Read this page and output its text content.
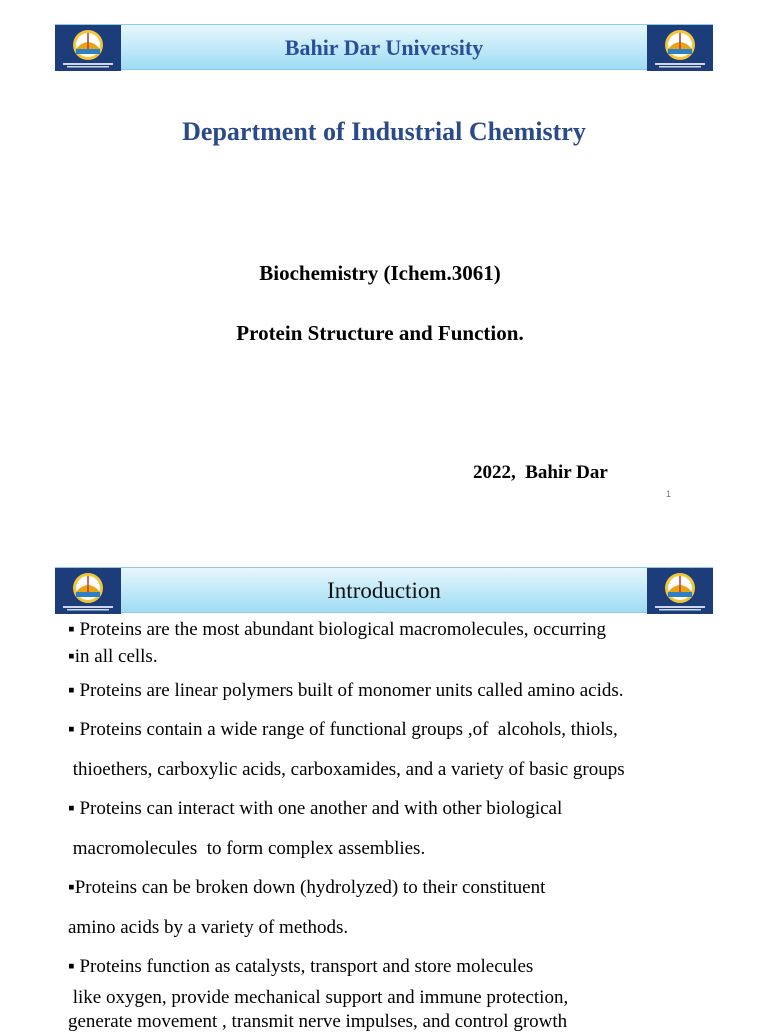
Bahir Dar University
Department of Industrial Chemistry
Biochemistry (Ichem.3061)
Protein Structure and Function.
2022,  Bahir Dar
1
Introduction
▪ Proteins are the most abundant biological macromolecules, occurring
▪in all cells.
▪ Proteins are linear polymers built of monomer units called amino acids.
▪ Proteins contain a wide range of functional groups ,of  alcohols, thiols,
thioethers, carboxylic acids, carboxamides, and a variety of basic groups
▪ Proteins can interact with one another and with other biological
macromolecules  to form complex assemblies.
▪Proteins can be broken down (hydrolyzed) to their constituent
amino acids by a variety of methods.
▪ Proteins function as catalysts, transport and store molecules
like oxygen, provide mechanical support and immune protection,
generate movement , transmit nerve impulses, and control growth
